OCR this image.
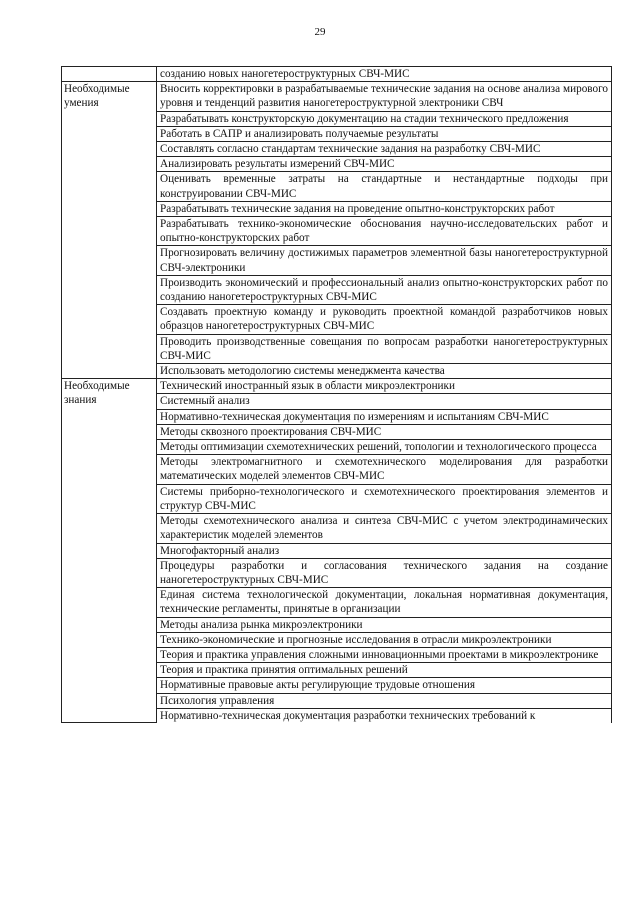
29
	созданию новых наногетероструктурных СВЧ-МИС
Необходимые умения	Вносить корректировки в разрабатываемые технические задания на основе анализа мирового уровня и тенденций развития наногетероструктурной электроники СВЧ
	Разрабатывать конструкторскую документацию на стадии технического предложения
	Работать в САПР и анализировать получаемые результаты
	Составлять согласно стандартам технические задания на разработку СВЧ-МИС
	Анализировать результаты измерений СВЧ-МИС
	Оценивать временные затраты на стандартные и нестандартные подходы при конструировании СВЧ-МИС
	Разрабатывать технические задания на проведение опытно-конструкторских работ
	Разрабатывать технико-экономические обоснования научно-исследовательских работ и опытно-конструкторских работ
	Прогнозировать величину достижимых параметров элементной базы наногетероструктурной СВЧ-электроники
	Производить экономический и профессиональный анализ опытно-конструкторских работ по созданию наногетероструктурных СВЧ-МИС
	Создавать проектную команду и руководить проектной командой разработчиков новых образцов наногетероструктурных СВЧ-МИС
	Проводить производственные совещания по вопросам разработки наногетероструктурных СВЧ-МИС
	Использовать методологию системы менеджмента качества
Необходимые знания	Технический иностранный язык в области микроэлектроники
	Системный анализ
	Нормативно-техническая документация по измерениям и испытаниям СВЧ-МИС
	Методы сквозного проектирования СВЧ-МИС
	Методы оптимизации схемотехнических решений, топологии и технологического процесса
	Методы электромагнитного и схемотехнического моделирования для разработки математических моделей элементов СВЧ-МИС
	Системы приборно-технологического и схемотехнического проектирования элементов и структур СВЧ-МИС
	Методы схемотехнического анализа и синтеза СВЧ-МИС с учетом электродинамических характеристик моделей элементов
	Многофакторный анализ
	Процедуры разработки и согласования технического задания на создание наногетероструктурных СВЧ-МИС
	Единая система технологической документации, локальная нормативная документация, технические регламенты, принятые в организации
	Методы анализа рынка микроэлектроники
	Технико-экономические и прогнозные исследования в отрасли микроэлектроники
	Теория и практика управления сложными инновационными проектами в микроэлектронике
	Теория и практика принятия оптимальных решений
	Нормативные правовые акты регулирующие трудовые отношения
	Психология управления
	Нормативно-техническая документация разработки технических требований к
